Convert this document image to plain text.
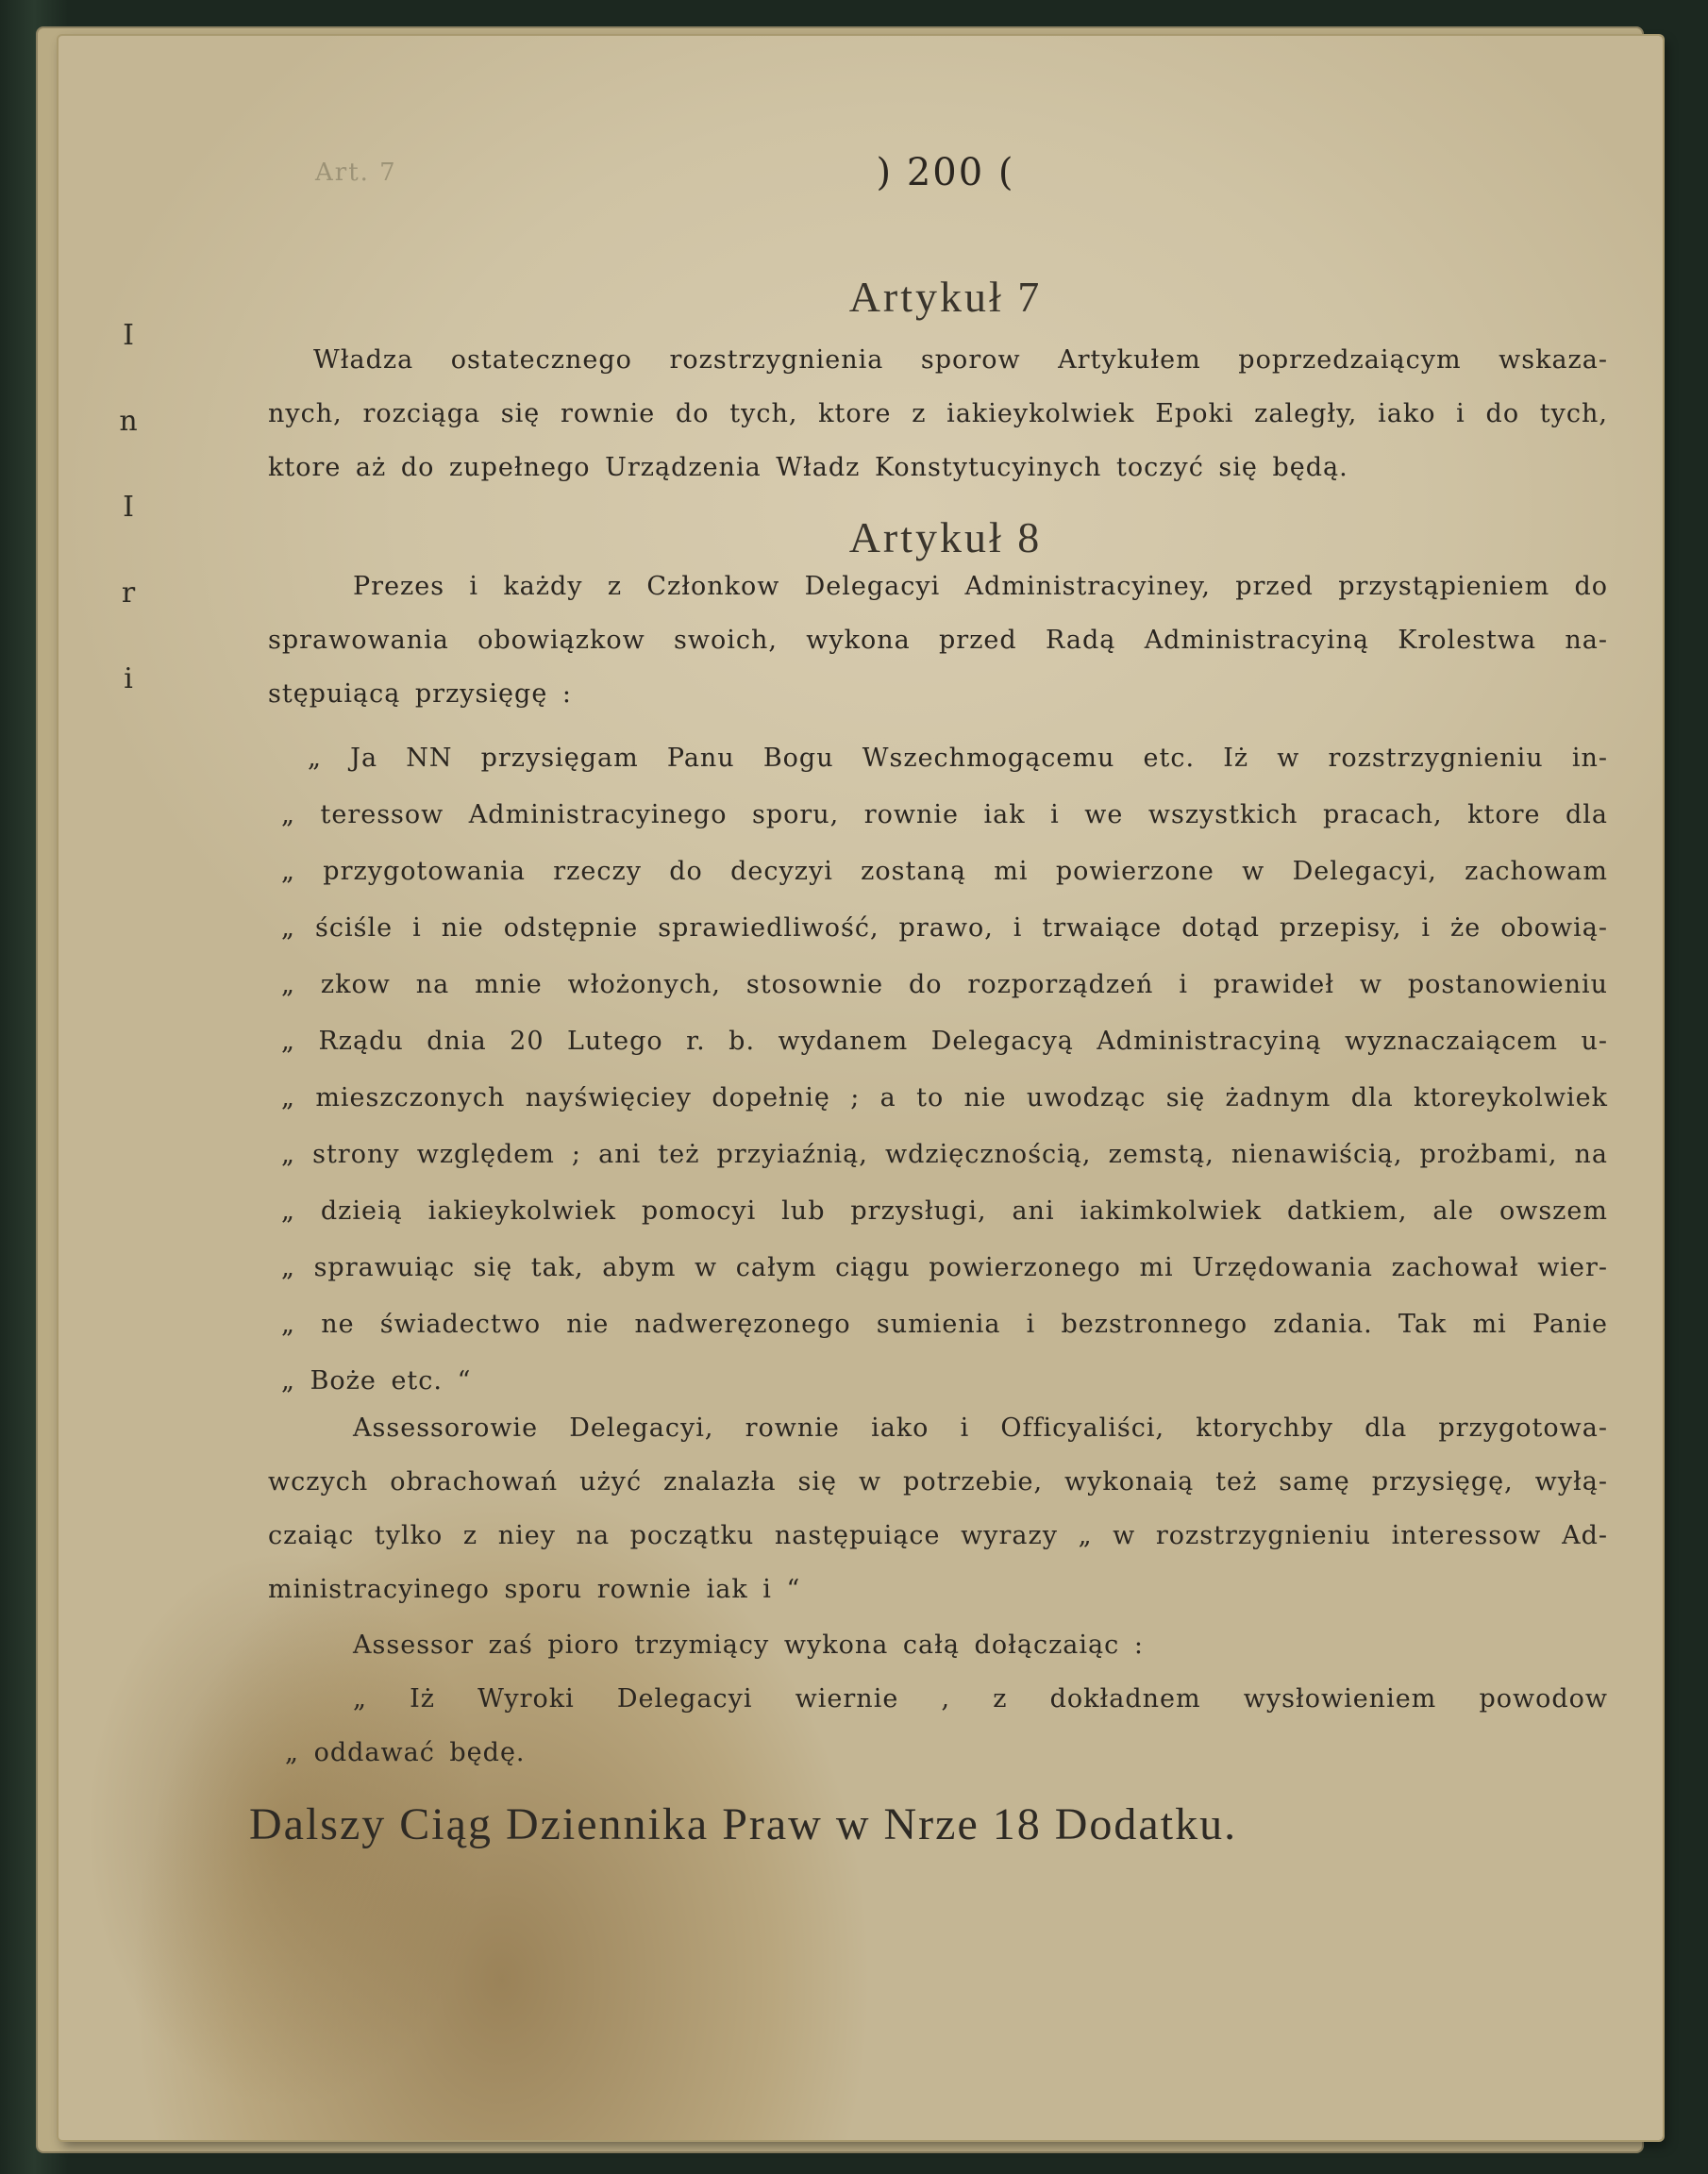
I
n
I
r
i
Art. 7	) 200 (
Artykuł 7
Władza ostatecznego rozstrzygnienia sporow Artykułem poprzedzaiącym wskaza-
nych, rozciąga się rownie do tych, ktore z iakieykolwiek Epoki zaległy, iako i do tych,
ktore aż do zupełnego Urządzenia Władz Konstytucyinych toczyć się będą.
Artykuł 8
Prezes i każdy z Członkow Delegacyi Administracyiney, przed przystąpieniem do
sprawowania obowiązkow swoich, wykona przed Radą Administracyiną Krolestwa na-
stępuiącą przysięgę :
„ Ja NN przysięgam Panu Bogu Wszechmogącemu etc. Iż w rozstrzygnieniu in-
„ teressow Administracyinego sporu, rownie iak i we wszystkich pracach, ktore dla
„ przygotowania rzeczy do decyzyi zostaną mi powierzone w Delegacyi, zachowam
„ ściśle i nie odstępnie sprawiedliwość, prawo, i trwaiące dotąd przepisy, i że obowią-
„ zkow na mnie włożonych, stosownie do rozporządzeń i prawideł w postanowieniu
„ Rządu dnia 20 Lutego r. b. wydanem Delegacyą Administracyiną wyznaczaiącem u-
„ mieszczonych nayświęciey dopełnię ; a to nie uwodząc się żadnym dla ktoreykolwiek
„ strony względem ; ani też przyiaźnią, wdzięcznością, zemstą, nienawiścią, prożbami, na
„ dziеią iakieykolwiek pomocyi lub przysługi, ani iakimkolwiek datkiem, ale owszem
„ sprawuiąc się tak, abym w całym ciągu powierzonego mi Urzędowania zachował wier-
„ ne świadectwo nie nadweręzonego sumienia i bezstronnego zdania. Tak mi Panie
„ Boże etc. “
Assessorowie Delegacyi, rownie iako i Officyaliści, ktorychby dla przygotowa-
wczych obrachowań użyć znalazła się w potrzebie, wykonaią też samę przysięgę, wyłą-
czaiąc tylko z niey na początku następuiące wyrazy „ w rozstrzygnieniu interessow Ad-
ministracyinego sporu rownie iak i “
Assessor zaś pioro trzymiący wykona całą dołączaiąc :
„ Iż Wyroki Delegacyi wiernie , z dokładnem wysłowieniem powodow
„ oddawać będę.
Dalszy Ciąg Dziennika Praw w Nrze 18 Dodatku.
